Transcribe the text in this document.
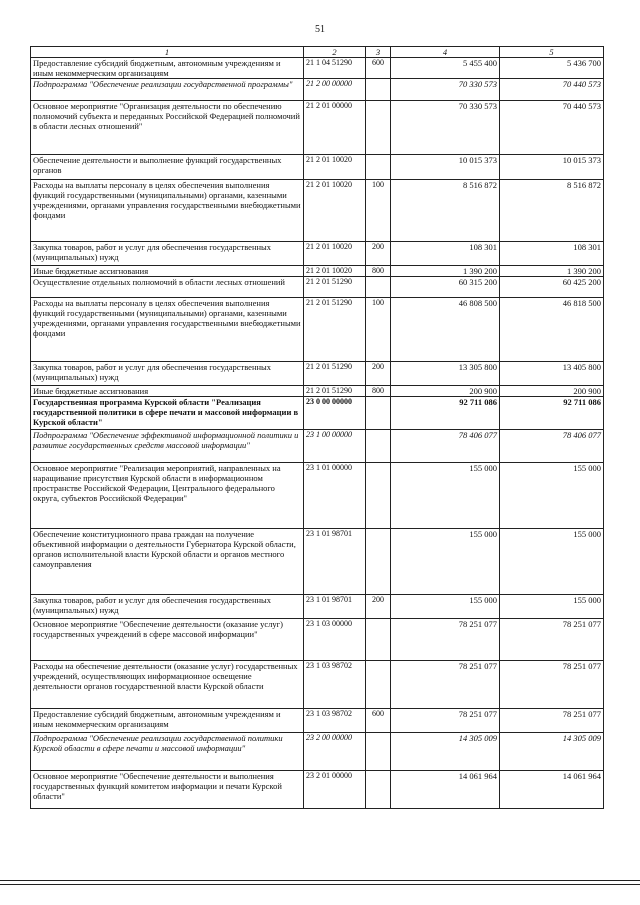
51
1	2	3	4	5
Предоставление субсидий бюджетным, автономным учреждениям и иным некоммерческим организациям	21 1 04 51290	600	5 455 400	5 436 700
Подпрограмма "Обеспечение реализации государственной программы"	21 2 00 00000		70 330 573	70 440 573
Основное мероприятие "Организация деятельности по обеспечению полномочий субъекта и переданных Российской Федерацией полномочий в области лесных отношений"	21 2 01 00000		70 330 573	70 440 573
Обеспечение деятельности и выполнение функций государственных органов	21 2 01 10020		10 015 373	10 015 373
Расходы на выплаты персоналу в целях обеспечения выполнения функций государственными (муниципальными) органами, казенными учреждениями, органами управления государственными внебюджетными фондами	21 2 01 10020	100	8 516 872	8 516 872
Закупка товаров, работ и услуг для обеспечения государственных (муниципальных) нужд	21 2 01 10020	200	108 301	108 301
Иные бюджетные ассигнования	21 2 01 10020	800	1 390 200	1 390 200
Осуществление отдельных полномочий в области лесных отношений	21 2 01 51290		60 315 200	60 425 200
Расходы на выплаты персоналу в целях обеспечения выполнения функций государственными (муниципальными) органами, казенными учреждениями, органами управления государственными внебюджетными фондами	21 2 01 51290	100	46 808 500	46 818 500
Закупка товаров, работ и услуг для обеспечения государственных (муниципальных) нужд	21 2 01 51290	200	13 305 800	13 405 800
Иные бюджетные ассигнования	21 2 01 51290	800	200 900	200 900
Государственная программа Курской области "Реализация государственной политики в сфере печати и массовой информации в Курской области"	23 0 00 00000		92 711 086	92 711 086
Подпрограмма "Обеспечение эффективной информационной политики и развитие государственных средств массовой информации"	23 1 00 00000		78 406 077	78 406 077
Основное мероприятие "Реализация мероприятий, направленных на наращивание присутствия Курской области в информационном пространстве Российской Федерации, Центрального федерального округа, субъектов Российской Федерации"	23 1 01 00000		155 000	155 000
Обеспечение конституционного права граждан на получение объективной информации о деятельности Губернатора Курской области, органов исполнительной власти Курской области и органов местного самоуправления	23 1 01 98701		155 000	155 000
Закупка товаров, работ и услуг для обеспечения государственных (муниципальных) нужд	23 1 01 98701	200	155 000	155 000
Основное мероприятие "Обеспечение деятельности (оказание услуг) государственных учреждений в сфере массовой информации"	23 1 03 00000		78 251 077	78 251 077
Расходы на обеспечение деятельности (оказание услуг) государственных учреждений, осуществляющих информационное освещение деятельности органов государственной власти Курской области	23 1 03 98702		78 251 077	78 251 077
Предоставление субсидий бюджетным, автономным учреждениям и иным некоммерческим организациям	23 1 03 98702	600	78 251 077	78 251 077
Подпрограмма "Обеспечение реализации государственной политики Курской области в сфере печати и массовой информации"	23 2 00 00000		14 305 009	14 305 009
Основное мероприятие "Обеспечение деятельности и выполнения государственных функций комитетом информации и печати Курской области"	23 2 01 00000		14 061 964	14 061 964
